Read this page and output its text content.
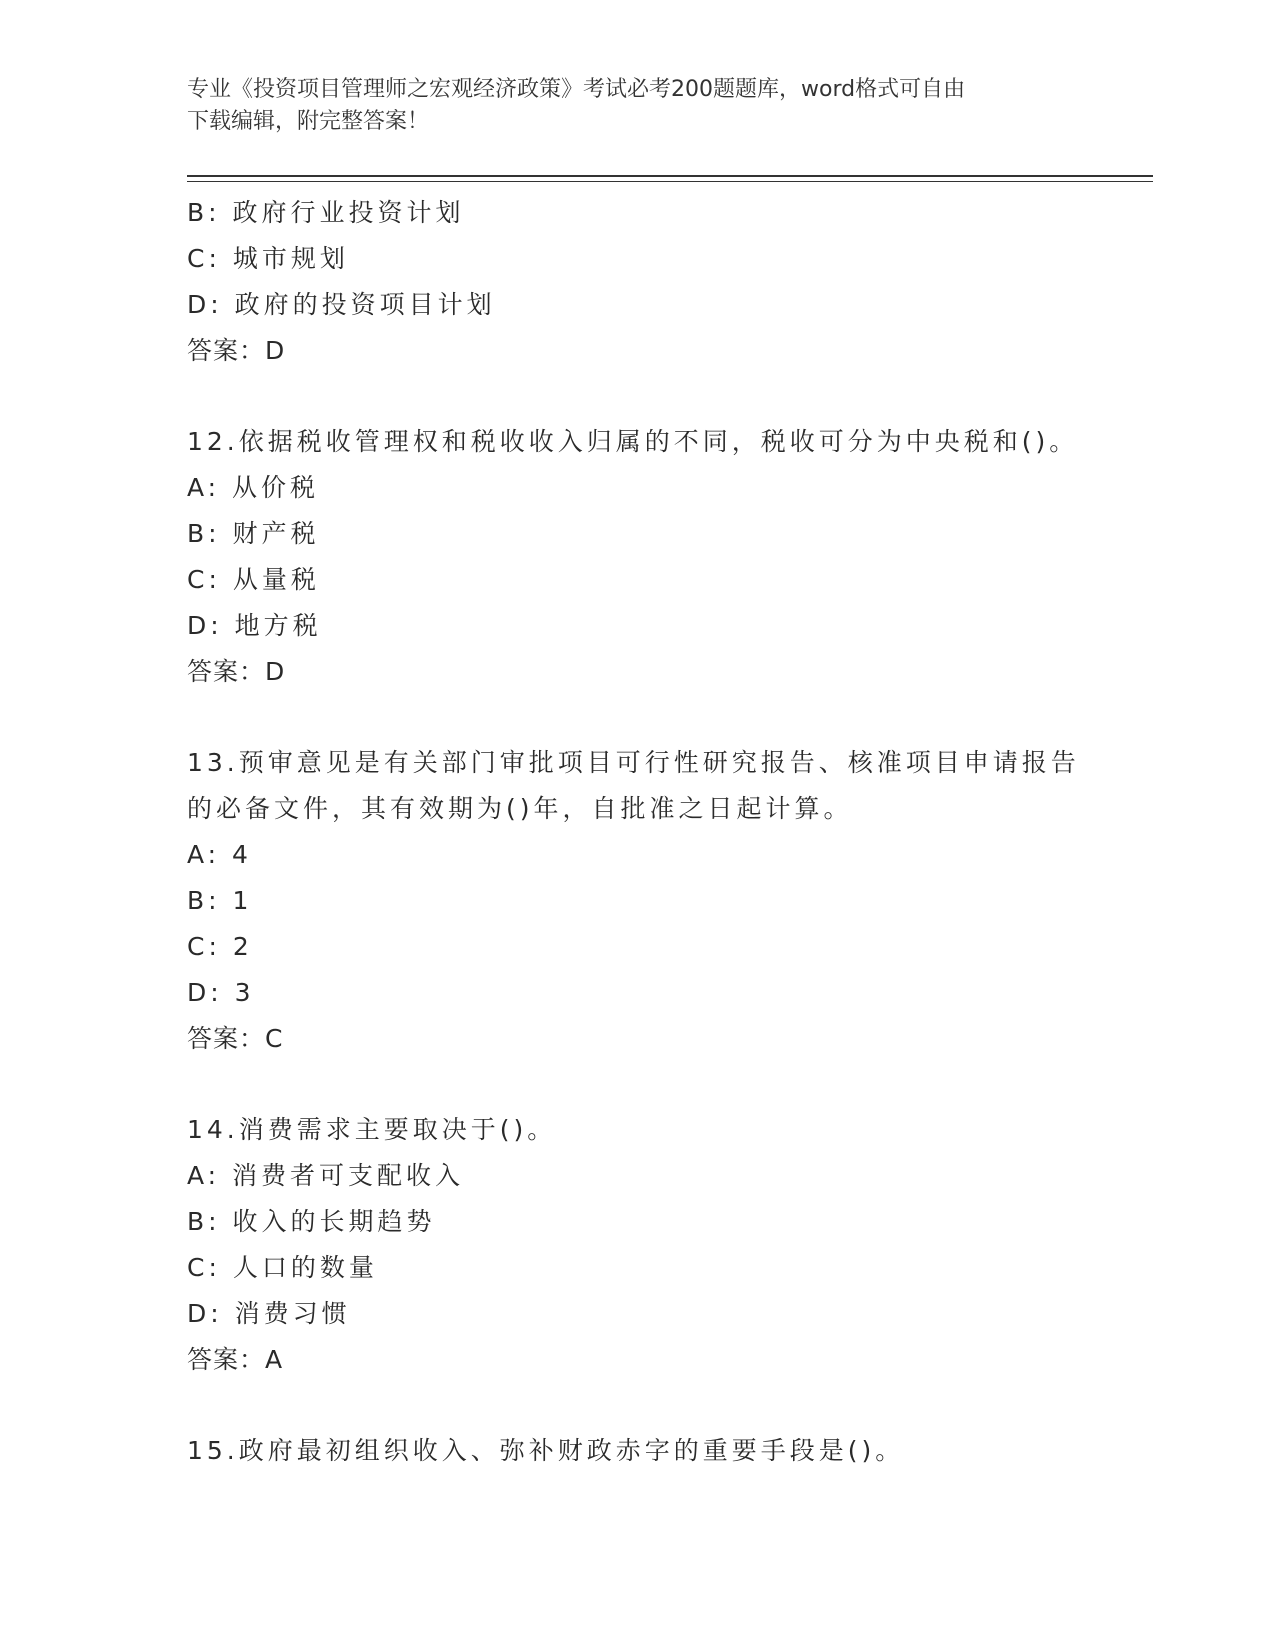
专业《投资项目管理师之宏观经济政策》考试必考200题题库，word格式可自由
下载编辑，附完整答案！
B: 政府行业投资计划
C: 城市规划
D: 政府的投资项目计划
答案：D
12.依据税收管理权和税收收入归属的不同，税收可分为中央税和()。
A: 从价税
B: 财产税
C: 从量税
D: 地方税
答案：D
13.预审意见是有关部门审批项目可行性研究报告、核准项目申请报告
的必备文件，其有效期为()年，自批准之日起计算。
A: 4
B: 1
C: 2
D: 3
答案：C
14.消费需求主要取决于()。
A: 消费者可支配收入
B: 收入的长期趋势
C: 人口的数量
D: 消费习惯
答案：A
15.政府最初组织收入、弥补财政赤字的重要手段是()。
